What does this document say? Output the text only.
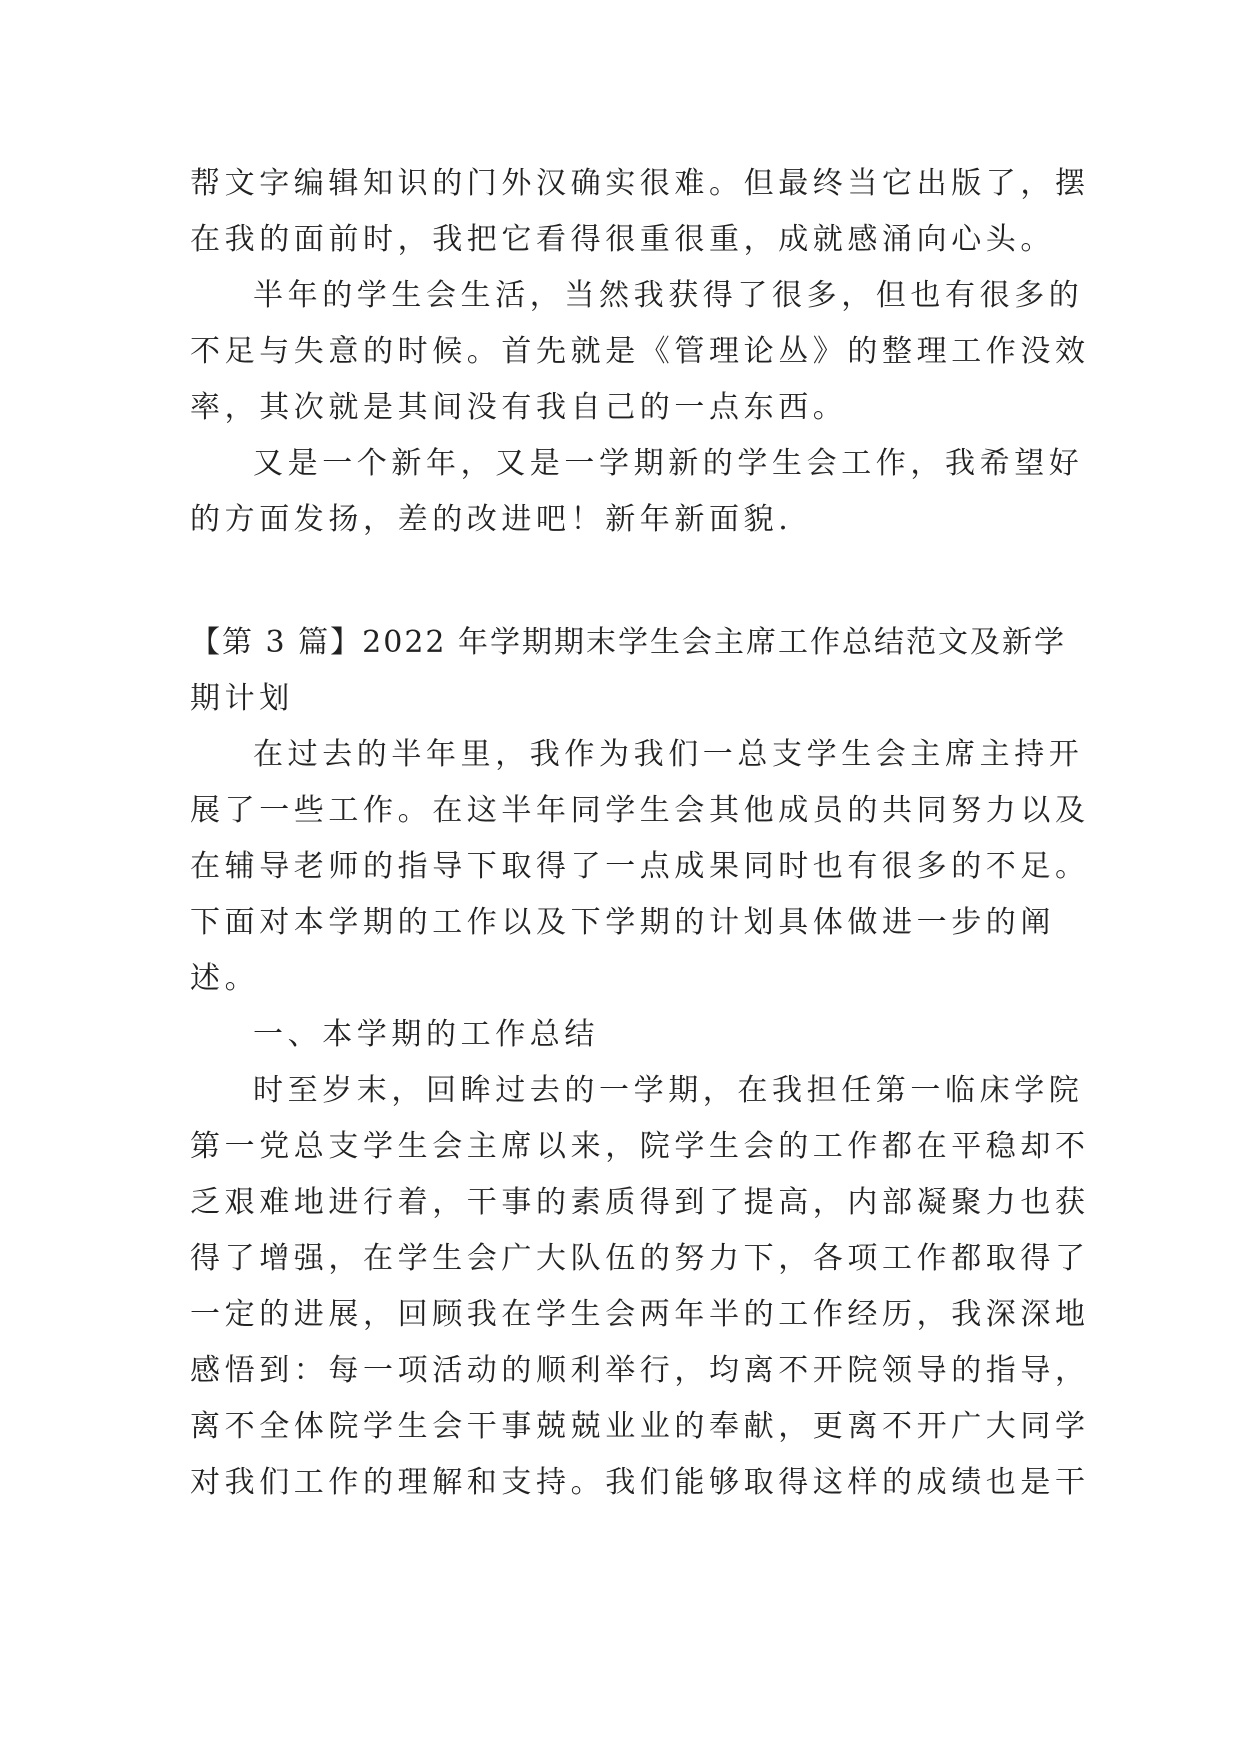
帮文字编辑知识的门外汉确实很难。但最终当它出版了，摆
在我的面前时，我把它看得很重很重，成就感涌向心头。
半年的学生会生活，当然我获得了很多，但也有很多的
不足与失意的时候。首先就是《管理论丛》的整理工作没效
率，其次就是其间没有我自己的一点东西。
又是一个新年，又是一学期新的学生会工作，我希望好
的方面发扬，差的改进吧！新年新面貌.
【第 3 篇】2022 年学期期末学生会主席工作总结范文及新学
期计划
在过去的半年里，我作为我们一总支学生会主席主持开
展了一些工作。在这半年同学生会其他成员的共同努力以及
在辅导老师的指导下取得了一点成果同时也有很多的不足。
下面对本学期的工作以及下学期的计划具体做进一步的阐
述。
一、本学期的工作总结
时至岁末，回眸过去的一学期，在我担任第一临床学院
第一党总支学生会主席以来，院学生会的工作都在平稳却不
乏艰难地进行着，干事的素质得到了提高，内部凝聚力也获
得了增强，在学生会广大队伍的努力下，各项工作都取得了
一定的进展，回顾我在学生会两年半的工作经历，我深深地
感悟到：每一项活动的顺利举行，均离不开院领导的指导，
离不全体院学生会干事兢兢业业的奉献，更离不开广大同学
对我们工作的理解和支持。我们能够取得这样的成绩也是干
